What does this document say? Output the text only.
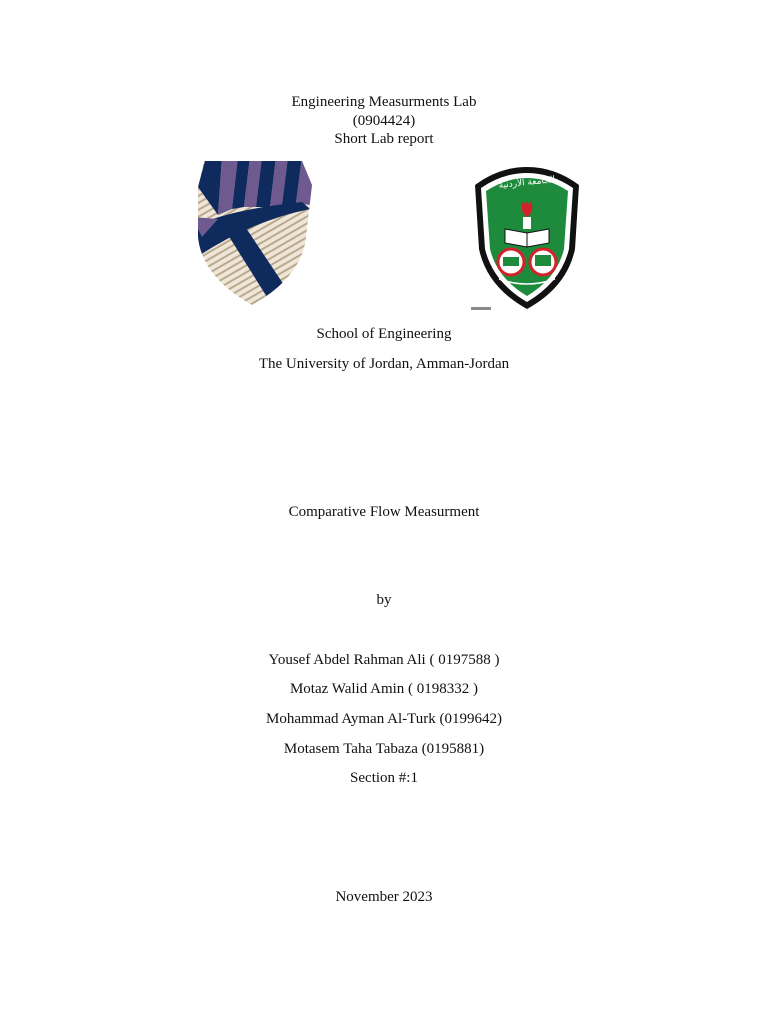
Engineering Measurments Lab
(0904424)
Short Lab report
الجامعة الأردنية
School of Engineering
The University of Jordan, Amman-Jordan
Comparative Flow Measurment
by
Yousef Abdel Rahman Ali ( 0197588 )
Motaz Walid Amin ( 0198332 )
Mohammad Ayman Al-Turk (0199642)
Motasem Taha Tabaza (0195881)
Section #:1
November 2023
